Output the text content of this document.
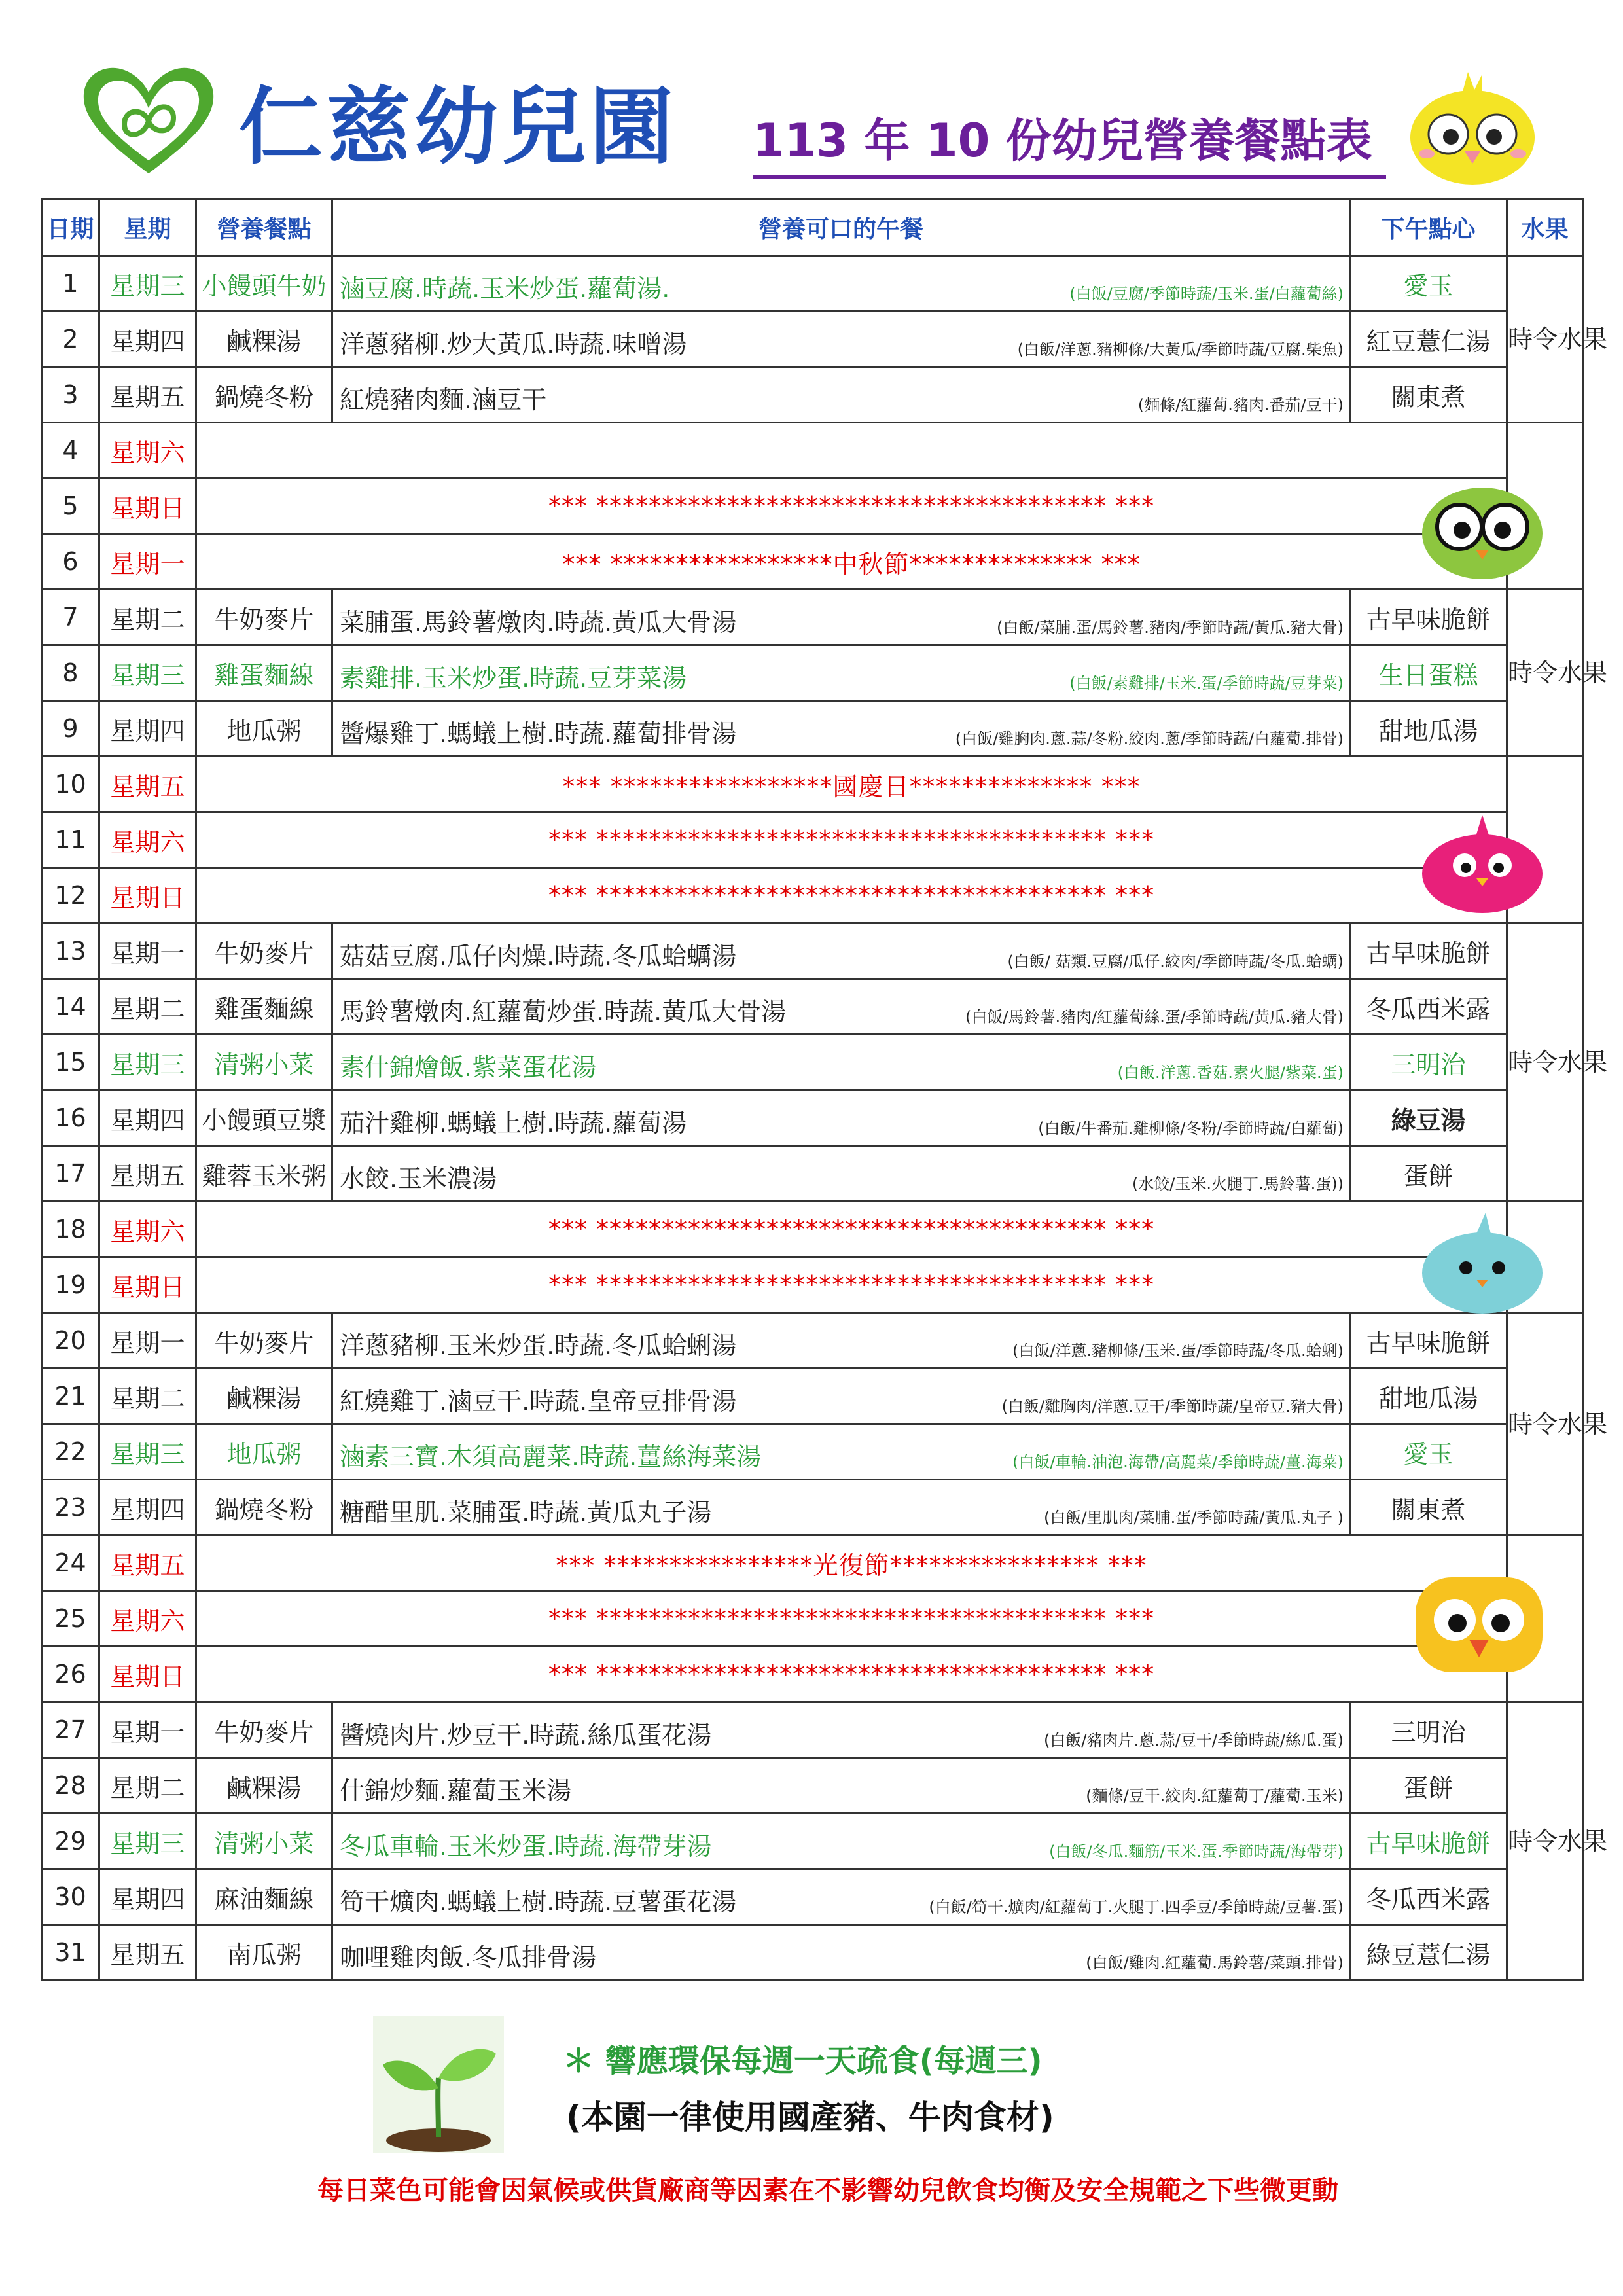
仁慈幼兒園 113 年 10 份幼兒營養餐點表
日期	星期	營養餐點	營養可口的午餐	下午點心	水果
1	星期三	小饅頭牛奶	滷豆腐.時蔬.玉米炒蛋.蘿蔔湯. (白飯/豆腐/季節時蔬/玉米.蛋/白蘿蔔絲)	愛玉	時令水果
2	星期四	鹹粿湯	洋蔥豬柳.炒大黃瓜.時蔬.味噌湯 (白飯/洋蔥.豬柳條/大黃瓜/季節時蔬/豆腐.柴魚)	紅豆薏仁湯	
3	星期五	鍋燒冬粉	紅燒豬肉麵.滷豆干 (麵條/紅蘿蔔.豬肉.番茄/豆干)	關東煮	
4	星期六				
5	星期日	*** *************************************** ***			
6	星期一	*** *****************中秋節************** ***			
7	星期二	牛奶麥片	菜脯蛋.馬鈴薯燉肉.時蔬.黃瓜大骨湯 (白飯/菜脯.蛋/馬鈴薯.豬肉/季節時蔬/黃瓜.豬大骨)	古早味脆餅	時令水果
8	星期三	雞蛋麵線	素雞排.玉米炒蛋.時蔬.豆芽菜湯 (白飯/素雞排/玉米.蛋/季節時蔬/豆芽菜)	生日蛋糕	
9	星期四	地瓜粥	醬爆雞丁.螞蟻上樹.時蔬.蘿蔔排骨湯 (白飯/雞胸肉.蔥.蒜/冬粉.絞肉.蔥/季節時蔬/白蘿蔔.排骨)	甜地瓜湯	
10	星期五	*** *****************國慶日************** ***			
11	星期六	*** *************************************** ***			
12	星期日	*** *************************************** ***			
13	星期一	牛奶麥片	菇菇豆腐.瓜仔肉燥.時蔬.冬瓜蛤蠣湯 (白飯/ 菇類.豆腐/瓜仔.絞肉/季節時蔬/冬瓜.蛤蠣)	古早味脆餅	時令水果
14	星期二	雞蛋麵線	馬鈴薯燉肉.紅蘿蔔炒蛋.時蔬.黃瓜大骨湯 (白飯/馬鈴薯.豬肉/紅蘿蔔絲.蛋/季節時蔬/黃瓜.豬大骨)	冬瓜西米露	
15	星期三	清粥小菜	素什錦燴飯.紫菜蛋花湯 (白飯.洋蔥.香菇.素火腿/紫菜.蛋)	三明治	
16	星期四	小饅頭豆漿	茄汁雞柳.螞蟻上樹.時蔬.蘿蔔湯 (白飯/牛番茄.雞柳條/冬粉/季節時蔬/白蘿蔔)	綠豆湯	
17	星期五	雞蓉玉米粥	水餃.玉米濃湯 (水餃/玉米.火腿丁.馬鈴薯.蛋))	蛋餅	
18	星期六	*** *************************************** ***			
19	星期日	*** *************************************** ***			
20	星期一	牛奶麥片	洋蔥豬柳.玉米炒蛋.時蔬.冬瓜蛤蜊湯 (白飯/洋蔥.豬柳條/玉米.蛋/季節時蔬/冬瓜.蛤蜊)	古早味脆餅	時令水果
21	星期二	鹹粿湯	紅燒雞丁.滷豆干.時蔬.皇帝豆排骨湯 (白飯/雞胸肉/洋蔥.豆干/季節時蔬/皇帝豆.豬大骨)	甜地瓜湯	
22	星期三	地瓜粥	滷素三寶.木須高麗菜.時蔬.薑絲海菜湯 (白飯/車輪.油泡.海帶/高麗菜/季節時蔬/薑.海菜)	愛玉	
23	星期四	鍋燒冬粉	糖醋里肌.菜脯蛋.時蔬.黃瓜丸子湯 (白飯/里肌肉/菜脯.蛋/季節時蔬/黃瓜.丸子 )	關東煮	
24	星期五	*** ****************光復節**************** ***			
25	星期六	*** *************************************** ***			
26	星期日	*** *************************************** ***			
27	星期一	牛奶麥片	醬燒肉片.炒豆干.時蔬.絲瓜蛋花湯 (白飯/豬肉片.蔥.蒜/豆干/季節時蔬/絲瓜.蛋)	三明治	時令水果
28	星期二	鹹粿湯	什錦炒麵.蘿蔔玉米湯 (麵條/豆干.絞肉.紅蘿蔔丁/蘿蔔.玉米)	蛋餅	
29	星期三	清粥小菜	冬瓜車輪.玉米炒蛋.時蔬.海帶芽湯 (白飯/冬瓜.麵筋/玉米.蛋.季節時蔬/海帶芽)	古早味脆餅	
30	星期四	麻油麵線	筍干爌肉.螞蟻上樹.時蔬.豆薯蛋花湯 (白飯/筍干.爌肉/紅蘿蔔丁.火腿丁.四季豆/季節時蔬/豆薯.蛋)	冬瓜西米露	
31	星期五	南瓜粥	咖哩雞肉飯.冬瓜排骨湯 (白飯/雞肉.紅蘿蔔.馬鈴薯/菜頭.排骨)	綠豆薏仁湯	
＊ 響應環保每週一天疏食(每週三)
(本園一律使用國產豬、牛肉食材)
每日菜色可能會因氣候或供貨廠商等因素在不影響幼兒飲食均衡及安全規範之下些微更動
